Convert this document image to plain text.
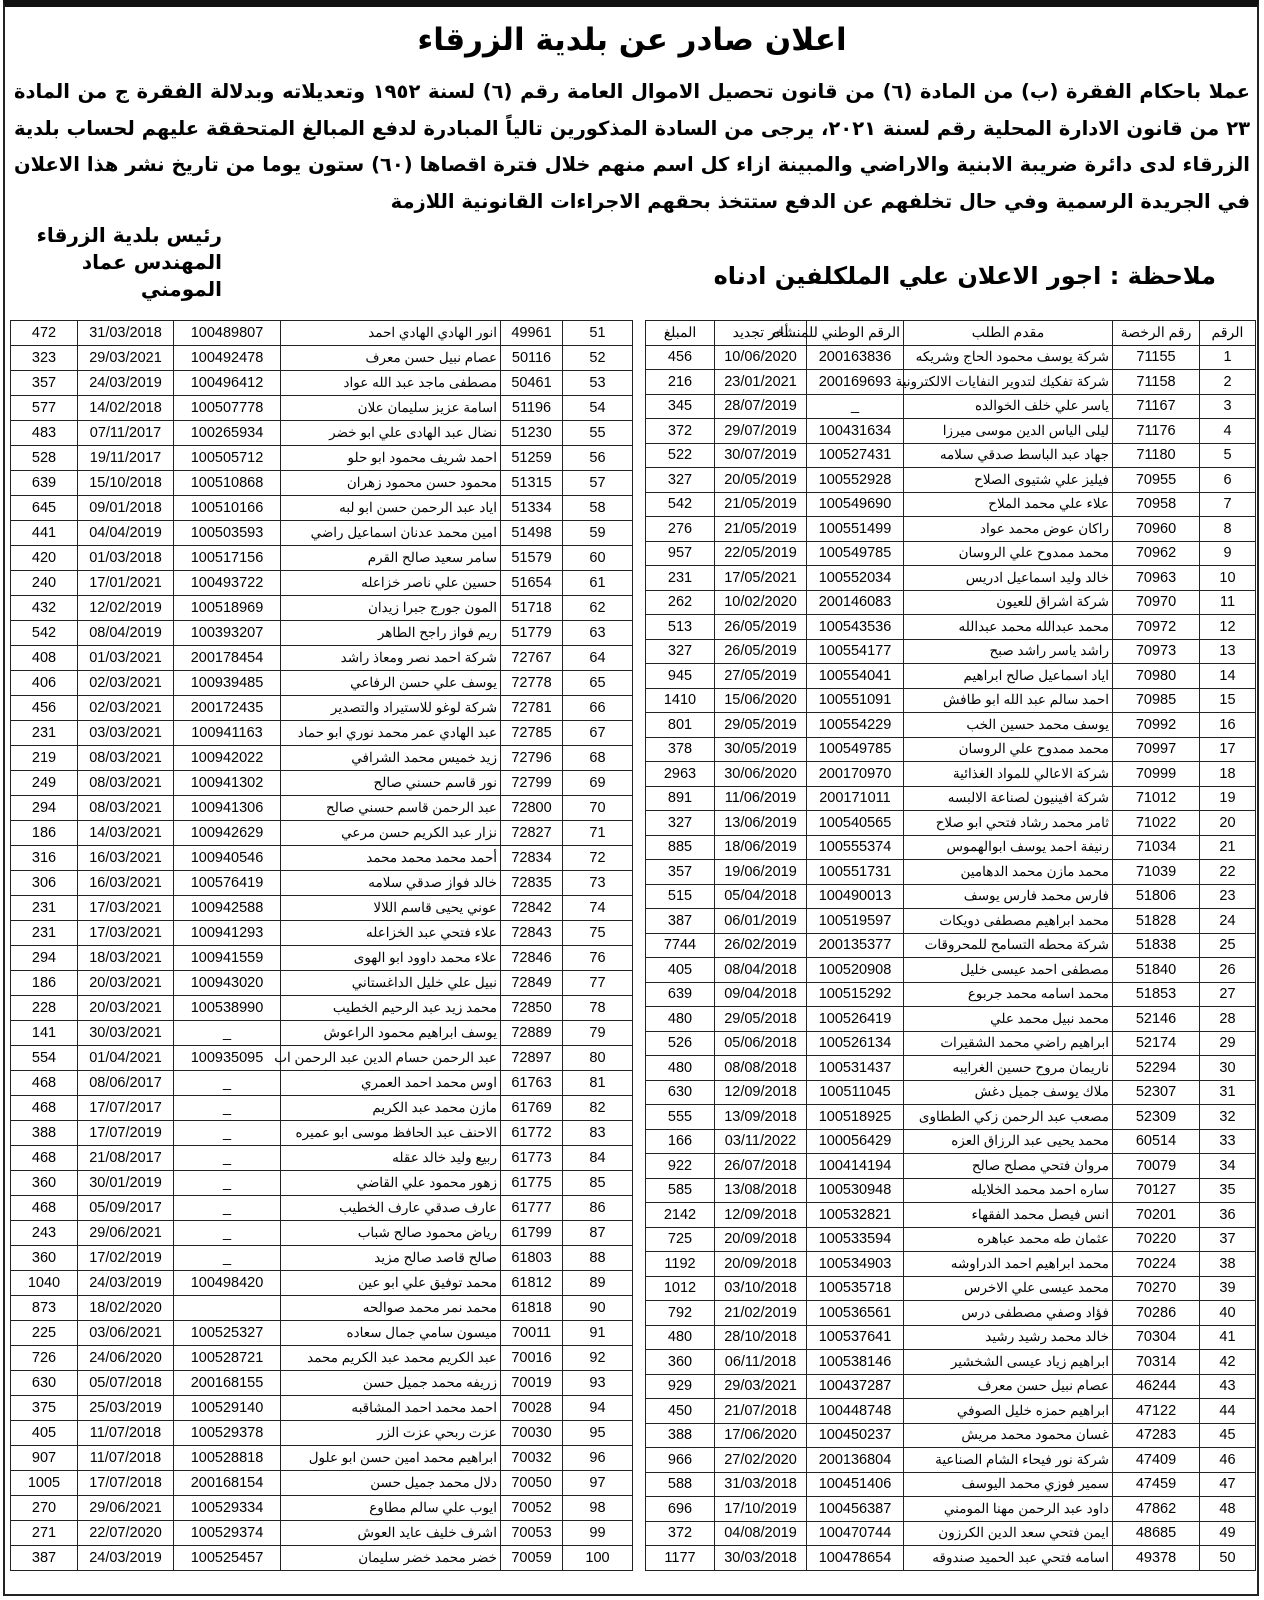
اعلان صادر عن بلدية الزرقاء
عملا باحكام الفقرة (ب) من المادة (٦) من قانون تحصيل الاموال العامة رقم (٦) لسنة ١٩٥٢ وتعديلاته وبدلالة الفقرة ج من المادة ٢٣ من قانون الادارة المحلية رقم لسنة ٢٠٢١، يرجى من السادة المذكورين تالياً المبادرة لدفع المبالغ المتحققة عليهم لحساب بلدية الزرقاء لدى دائرة ضريبة الابنية والاراضي والمبينة ازاء كل اسم منهم خلال فترة اقصاها (٦٠) ستون يوما من تاريخ نشر هذا الاعلان في الجريدة الرسمية وفي حال تخلفهم عن الدفع ستتخذ بحقهم الاجراءات القانونية اللازمة
رئيس بلدية الزرقاء
المهندس عماد المومني	ملاحظة : اجور الاعلان علي الملكلفين ادناه
الرقم	رقم الرخصة	مقدم الطلب	الرقم الوطني للمنشاه	أخر تجديد	المبلغ
1	71155	شركة يوسف محمود الحاج وشريكه	200163836	10/06/2020	456
2	71158	شركة تفكيك لتدوير النفايات الالكترونية	200169693	23/01/2021	216
3	71167	ياسر علي خلف الخوالده	_	28/07/2019	345
4	71176	ليلى الياس الدين موسى ميرزا	100431634	29/07/2019	372
5	71180	جهاد عبد الباسط صدقي سلامه	100527431	30/07/2019	522
6	70955	فيليز علي شتيوى الصلاح	100552928	20/05/2019	327
7	70958	علاء علي محمد الملاح	100549690	21/05/2019	542
8	70960	راكان عوض محمد عواد	100551499	21/05/2019	276
9	70962	محمد ممدوح علي الروسان	100549785	22/05/2019	957
10	70963	خالد وليد اسماعيل ادريس	100552034	17/05/2021	231
11	70970	شركة اشراق للعيون	200146083	10/02/2020	262
12	70972	محمد عبدالله محمد عبدالله	100543536	26/05/2019	513
13	70973	راشد ياسر راشد صبح	100554177	26/05/2019	327
14	70980	اياد اسماعيل صالح ابراهيم	100554041	27/05/2019	945
15	70985	احمد سالم عبد الله ابو طافش	100551091	15/06/2020	1410
16	70992	يوسف محمد حسين الخب	100554229	29/05/2019	801
17	70997	محمد ممدوح علي الروسان	100549785	30/05/2019	378
18	70999	شركة الاعالي للمواد الغذائية	200170970	30/06/2020	2963
19	71012	شركة افينيون لصناعة الالبسه	200171011	11/06/2019	891
20	71022	ثامر محمد رشاد فتحي ابو صلاح	100540565	13/06/2019	327
21	71034	رنيفة احمد يوسف ابوالهموس	100555374	18/06/2019	885
22	71039	محمد مازن محمد الدهامين	100551731	19/06/2019	357
23	51806	فارس محمد فارس يوسف	100490013	05/04/2018	515
24	51828	محمد ابراهيم مصطفى دويكات	100519597	06/01/2019	387
25	51838	شركة محطه التسامح للمحروقات	200135377	26/02/2019	7744
26	51840	مصطفى احمد عيسى خليل	100520908	08/04/2018	405
27	51853	محمد اسامه محمد جربوع	100515292	09/04/2018	639
28	52146	محمد نبيل محمد علي	100526419	29/05/2018	480
29	52174	ابراهيم راضي محمد الشقيرات	100526134	05/06/2018	526
30	52294	ناريمان مروح حسين الغرايبه	100531437	08/08/2018	480
31	52307	ملاك يوسف جميل دغش	100511045	12/09/2018	630
32	52309	مصعب عبد الرحمن زكي الططاوى	100518925	13/09/2018	555
33	60514	محمد يحيى عبد الرزاق العزه	100056429	03/11/2022	166
34	70079	مروان فتحي مصلح صالح	100414194	26/07/2018	922
35	70127	ساره احمد محمد الخلايله	100530948	13/08/2018	585
36	70201	انس فيصل محمد الفقهاء	100532821	12/09/2018	2142
37	70220	عثمان طه محمد عباهره	100533594	20/09/2018	725
38	70224	محمد ابراهيم احمد الدراوشه	100534903	20/09/2018	1192
39	70270	محمد عيسى علي الاخرس	100535718	03/10/2018	1012
40	70286	فؤاد وصفي مصطفى درس	100536561	21/02/2019	792
41	70304	خالد محمد رشيد رشيد	100537641	28/10/2018	480
42	70314	ابراهيم زياد عيسى الشخشير	100538146	06/11/2018	360
43	46244	عصام نبيل حسن معرف	100437287	29/03/2021	929
44	47122	ابراهيم حمزه خليل الصوفي	100448748	21/07/2018	450
45	47283	غسان محمود محمد مريش	100450237	17/06/2020	388
46	47409	شركة نور فيحاء الشام الصناعية	200136804	27/02/2020	966
47	47459	سمير فوزي محمد اليوسف	100451406	31/03/2018	588
48	47862	داود عبد الرحمن مهنا المومني	100456387	17/10/2019	696
49	48685	ايمن فتحي سعد الدين الكرزون	100470744	04/08/2019	372
50	49378	اسامه فتحي عبد الحميد صندوقه	100478654	30/03/2018	1177
51	49961	انور الهادي الهادي احمد	100489807	31/03/2018	472
52	50116	عصام نبيل حسن معرف	100492478	29/03/2021	323
53	50461	مصطفى ماجد عبد الله عواد	100496412	24/03/2019	357
54	51196	اسامة عزيز سليمان علان	100507778	14/02/2018	577
55	51230	نضال عبد الهادى علي ابو خضر	100265934	07/11/2017	483
56	51259	احمد شريف محمود ابو حلو	100505712	19/11/2017	528
57	51315	محمود حسن محمود زهران	100510868	15/10/2018	639
58	51334	اياد عبد الرحمن حسن ابو لبه	100510166	09/01/2018	645
59	51498	امين محمد عدنان اسماعيل راضي	100503593	04/04/2019	441
60	51579	سامر سعيد صالح القرم	100517156	01/03/2018	420
61	51654	حسين علي ناصر خزاعله	100493722	17/01/2021	240
62	51718	المون جورج جبرا زيدان	100518969	12/02/2019	432
63	51779	ريم فواز راجح الطاهر	100393207	08/04/2019	542
64	72767	شركة احمد نصر ومعاذ راشد	200178454	01/03/2021	408
65	72778	يوسف علي حسن الرفاعي	100939485	02/03/2021	406
66	72781	شركة لوغو للاستيراد والتصدير	200172435	02/03/2021	456
67	72785	عبد الهادي عمر محمد نوري ابو حماد	100941163	03/03/2021	231
68	72796	زيد خميس محمد الشرافي	100942022	08/03/2021	219
69	72799	نور قاسم حسني صالح	100941302	08/03/2021	249
70	72800	عبد الرحمن قاسم حسني صالح	100941306	08/03/2021	294
71	72827	نزار عبد الكريم حسن مرعي	100942629	14/03/2021	186
72	72834	أحمد محمد محمد محمد	100940546	16/03/2021	316
73	72835	خالد فواز صدقي سلامه	100576419	16/03/2021	306
74	72842	عوني يحيى قاسم اللالا	100942588	17/03/2021	231
75	72843	علاء فتحي عبد الخزاعله	100941293	17/03/2021	231
76	72846	علاء محمد داوود ابو الهوى	100941559	18/03/2021	294
77	72849	نبيل علي خليل الداغستاني	100943020	20/03/2021	186
78	72850	محمد زيد عبد الرحيم الخطيب	100538990	20/03/2021	228
79	72889	يوسف ابراهيم محمود الراعوش	_	30/03/2021	141
80	72897	عبد الرحمن حسام الدين عبد الرحمن اب	100935095	01/04/2021	554
81	61763	اوس محمد احمد العمري	_	08/06/2017	468
82	61769	مازن محمد عبد الكريم	_	17/07/2017	468
83	61772	الاحنف عبد الحافظ موسى ابو عميره	_	17/07/2019	388
84	61773	ربيع وليد خالد عقله	_	21/08/2017	468
85	61775	زهور محمود علي القاضي	_	30/01/2019	360
86	61777	عارف صدقي عارف الخطيب	_	05/09/2017	468
87	61799	رياض محمود صالح شباب	_	29/06/2021	243
88	61803	صالح قاصد صالح مزيد	_	17/02/2019	360
89	61812	محمد توفيق علي ابو عين	100498420	24/03/2019	1040
90	61818	محمد نمر محمد صوالحه		18/02/2020	873
91	70011	ميسون سامي جمال سعاده	100525327	03/06/2021	225
92	70016	عبد الكريم محمد عبد الكريم محمد	100528721	24/06/2020	726
93	70019	زريفه محمد جميل حسن	200168155	05/07/2018	630
94	70028	احمد محمد احمد المشاقبه	100529140	25/03/2019	375
95	70030	عزت ربحي عزت الزر	100529378	11/07/2018	405
96	70032	ابراهيم محمد امين حسن ابو علول	100528818	11/07/2018	907
97	70050	دلال محمد جميل حسن	200168154	17/07/2018	1005
98	70052	ايوب علي سالم مطاوع	100529334	29/06/2021	270
99	70053	اشرف خليف عايد العوش	100529374	22/07/2020	271
100	70059	خضر محمد خضر سليمان	100525457	24/03/2019	387
